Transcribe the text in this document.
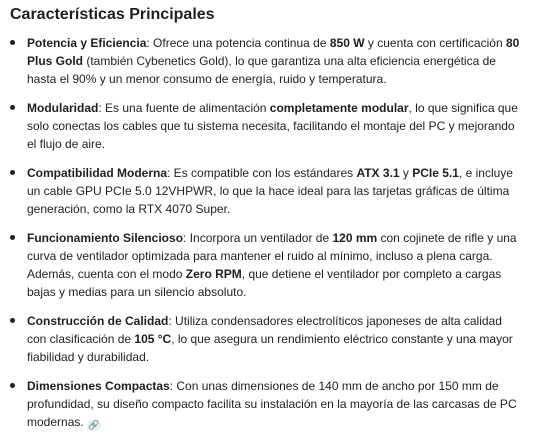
Características Principales
Potencia y Eficiencia: Ofrece una potencia continua de 850 W y cuenta con certificación 80 Plus Gold (también Cybenetics Gold), lo que garantiza una alta eficiencia energética de hasta el 90% y un menor consumo de energía, ruido y temperatura.
Modularidad: Es una fuente de alimentación completamente modular, lo que significa que solo conectas los cables que tu sistema necesita, facilitando el montaje del PC y mejorando el flujo de aire.
Compatibilidad Moderna: Es compatible con los estándares ATX 3.1 y PCIe 5.1, e incluye un cable GPU PCIe 5.0 12VHPWR, lo que la hace ideal para las tarjetas gráficas de última generación, como la RTX 4070 Super.
Funcionamiento Silencioso: Incorpora un ventilador de 120 mm con cojinete de rifle y una curva de ventilador optimizada para mantener el ruido al mínimo, incluso a plena carga. Además, cuenta con el modo Zero RPM, que detiene el ventilador por completo a cargas bajas y medias para un silencio absoluto.
Construcción de Calidad: Utiliza condensadores electrolíticos japoneses de alta calidad con clasificación de 105 °C, lo que asegura un rendimiento eléctrico constante y una mayor fiabilidad y durabilidad.
Dimensiones Compactas: Con unas dimensiones de 140 mm de ancho por 150 mm de profundidad, su diseño compacto facilita su instalación en la mayoría de las carcasas de PC modernas. 🔗
